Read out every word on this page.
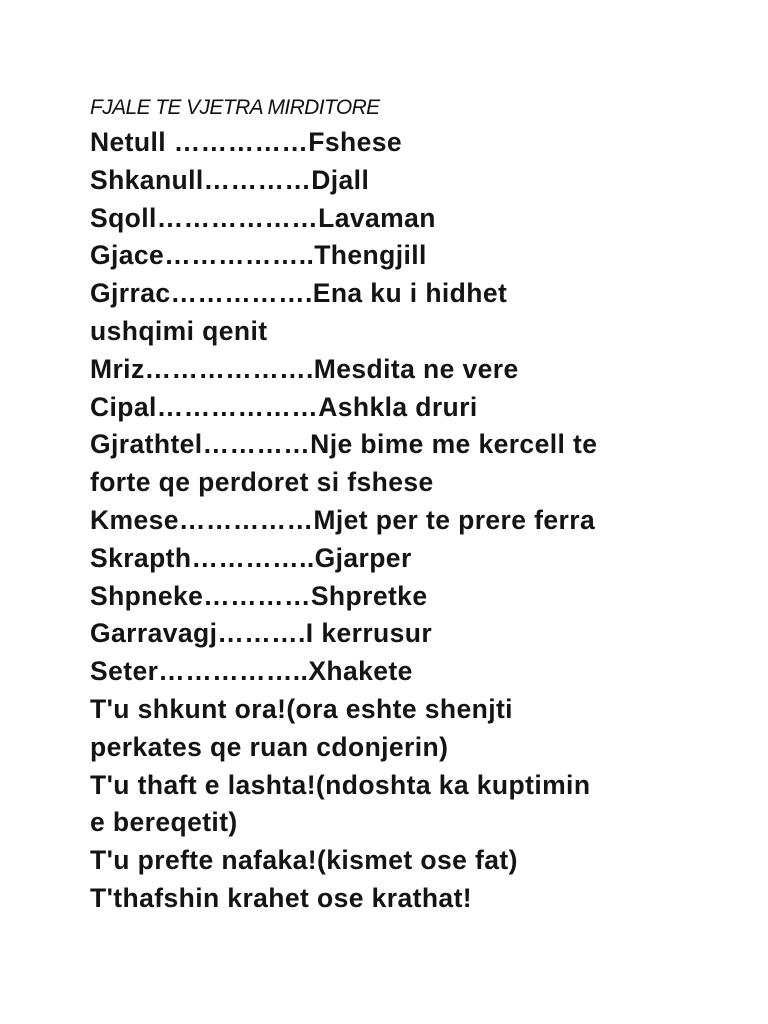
FJALE TE VJETRA MIRDITORE
Netull ……………Fshese
Shkanull…………Djall
Sqoll………………Lavaman
Gjace……………..Thengjill
Gjrrac…………….Ena ku i hidhet
ushqimi qenit
Mriz……………….Mesdita ne vere
Cipal………………Ashkla druri
Gjrathtel…………Nje bime me kercell te
forte qe perdoret si fshese
Kmese……………Mjet per te prere ferra
Skrapth…………..Gjarper
Shpneke…………Shpretke
Garravagj……….I kerrusur
Seter……………..Xhakete
T'u shkunt ora!(ora eshte shenjti
perkates qe ruan cdonjerin)
T'u thaft e lashta!(ndoshta ka kuptimin
e bereqetit)
T'u prefte nafaka!(kismet ose fat)
T'thafshin krahet ose krathat!
